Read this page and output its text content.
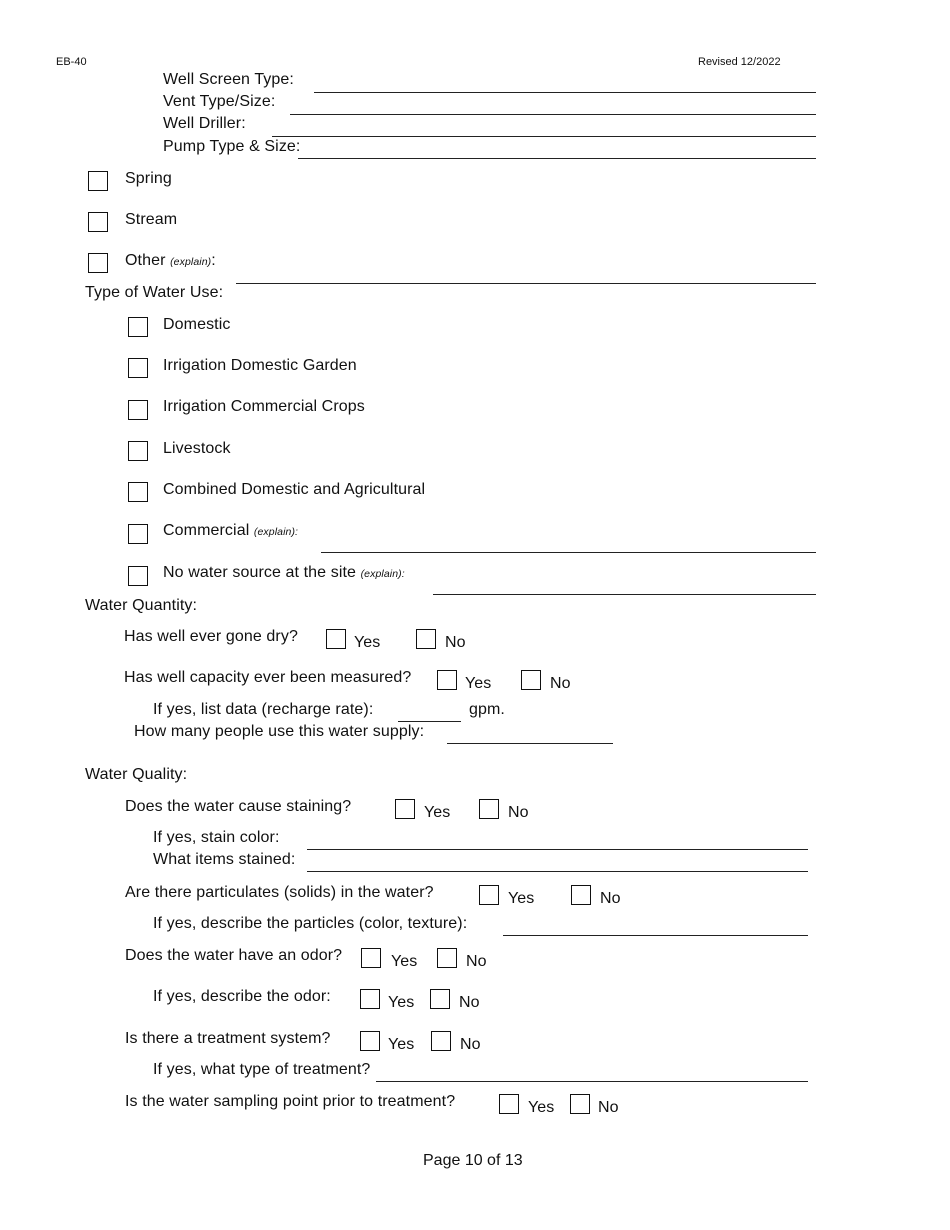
EB-40	Revised 12/2022
Well Screen Type:
Vent Type/Size:
Well Driller:
Pump Type & Size:
Spring
Stream
Other (explain):
Type of Water Use:
Domestic
Irrigation Domestic Garden
Irrigation Commercial Crops
Livestock
Combined Domestic and Agricultural
Commercial (explain):
No water source at the site (explain):
Water Quantity:
Has well ever gone dry?	Yes	No
Has well capacity ever been measured?	Yes	No
If yes, list data (recharge rate):	gpm.
How many people use this water supply:
Water Quality:
Does the water cause staining?	Yes	No
If yes, stain color:
What items stained:
Are there particulates (solids) in the water?	Yes	No
If yes, describe the particles (color, texture):
Does the water have an odor?	Yes	No
If yes, describe the odor:	Yes	No
Is there a treatment system?	Yes	No
If yes, what type of treatment?
Is the water sampling point prior to treatment?	Yes	No
Page 10 of 13
